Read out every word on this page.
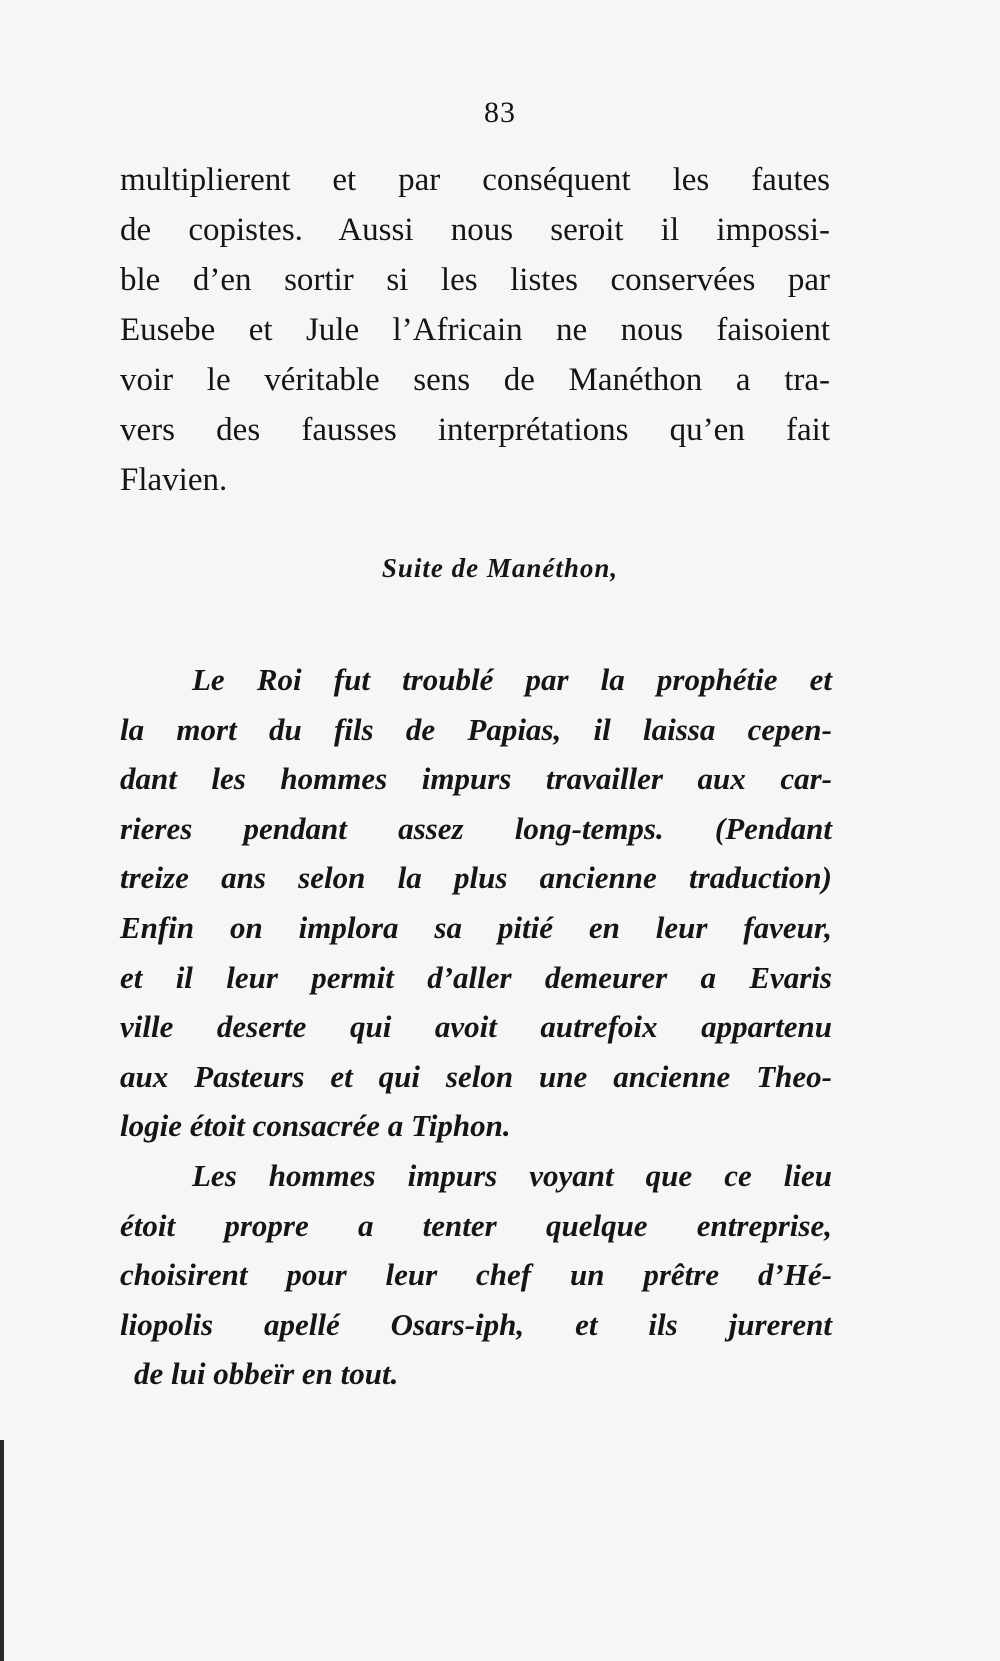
83
multiplierent et par conséquent les fautes
de copistes. Aussi nous seroit il impossi-
ble d’en sortir si les listes conservées par
Eusebe et Jule l’Africain ne nous faisoient
voir le véritable sens de Manéthon a tra-
vers des fausses interprétations qu’en fait
Flavien.
Suite de Manéthon,
Le Roi fut troublé par la prophétie et
la mort du fils de Papias, il laissa cepen-
dant les hommes impurs travailler aux car-
rieres pendant assez long-temps. (Pendant
treize ans selon la plus ancienne traduction)
Enfin on implora sa pitié en leur faveur,
et il leur permit d’aller demeurer a Evaris
ville deserte qui avoit autrefoix appartenu
aux Pasteurs et qui selon une ancienne Theo-
logie étoit consacrée a Tiphon.
Les hommes impurs voyant que ce lieu
étoit propre a tenter quelque entreprise,
choisirent pour leur chef un prêtre d’Hé-
liopolis apellé Osars-iph, et ils jurerent
de lui obbeïr en tout.
